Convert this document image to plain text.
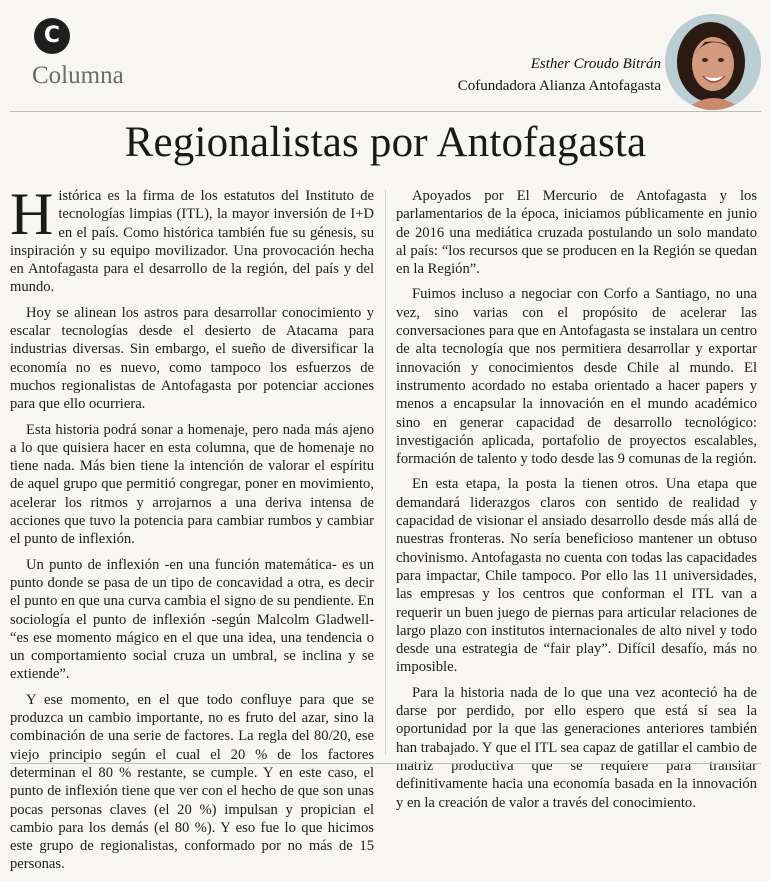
C
Columna	Esther Croudo Bitrán
Cofundadora Alianza Antofagasta
Regionalistas por Antofagasta

Histórica es la firma de los estatutos del Instituto de tecnologías limpias (ITL), la mayor inversión de I+D en el país. Como histórica también fue su génesis, su inspiración y su equipo movilizador. Una provocación hecha en Antofagasta para el desarrollo de la región, del país y del mundo.

Hoy se alinean los astros para desarrollar conocimiento y escalar tecnologías desde el desierto de Atacama para industrias diversas. Sin embargo, el sueño de diversificar la economía no es nuevo, como tampoco los esfuerzos de muchos regionalistas de Antofagasta por potenciar acciones para que ello ocurriera.

Esta historia podrá sonar a homenaje, pero nada más ajeno a lo que quisiera hacer en esta columna, que de homenaje no tiene nada. Más bien tiene la intención de valorar el espíritu de aquel grupo que permitió congregar, poner en movimiento, acelerar los ritmos y arrojarnos a una deriva intensa de acciones que tuvo la potencia para cambiar rumbos y cambiar el punto de inflexión.

Un punto de inflexión -en una función matemática- es un punto donde se pasa de un tipo de concavidad a otra, es decir el punto en que una curva cambia el signo de su pendiente. En sociología el punto de inflexión -según Malcolm Gladwell- “es ese momento mágico en el que una idea, una tendencia o un comportamiento social cruza un umbral, se inclina y se extiende”.

Y ese momento, en el que todo confluye para que se produzca un cambio importante, no es fruto del azar, sino la combinación de una serie de factores. La regla del 80/20, ese viejo principio según el cual el 20 % de los factores determinan el 80 % restante, se cumple. Y en este caso, el punto de inflexión tiene que ver con el hecho de que son unas pocas personas claves (el 20 %) impulsan y propician el cambio para los demás (el 80 %). Y eso fue lo que hicimos este grupo de regionalistas, conformado por no más de 15 personas.

Apoyados por El Mercurio de Antofagasta y los parlamentarios de la época, iniciamos públicamente en junio de 2016 una mediática cruzada postulando un solo mandato al país: “los recursos que se producen en la Región se quedan en la Región”.

Fuimos incluso a negociar con Corfo a Santiago, no una vez, sino varias con el propósito de acelerar las conversaciones para que en Antofagasta se instalara un centro de alta tecnología que nos permitiera desarrollar y exportar innovación y conocimientos desde Chile al mundo. El instrumento acordado no estaba orientado a hacer papers y menos a encapsular la innovación en el mundo académico sino en generar capacidad de desarrollo tecnológico: investigación aplicada, portafolio de proyectos escalables, formación de talento y todo desde las 9 comunas de la región.

En esta etapa, la posta la tienen otros. Una etapa que demandará liderazgos claros con sentido de realidad y capacidad de visionar el ansiado desarrollo desde más allá de nuestras fronteras. No sería beneficioso mantener un obtuso chovinismo. Antofagasta no cuenta con todas las capacidades para impactar, Chile tampoco. Por ello las 11 universidades, las empresas y los centros que conforman el ITL van a requerir un buen juego de piernas para articular relaciones de largo plazo con institutos internacionales de alto nivel y todo desde una estrategia de “fair play”. Difícil desafío, más no imposible.

Para la historia nada de lo que una vez aconteció ha de darse por perdido, por ello espero que está sí sea la oportunidad por la que las generaciones anteriores también han trabajado. Y que el ITL sea capaz de gatillar el cambio de matriz productiva que se requiere para transitar definitivamente hacia una economía basada en la innovación y en la creación de valor a través del conocimiento.
